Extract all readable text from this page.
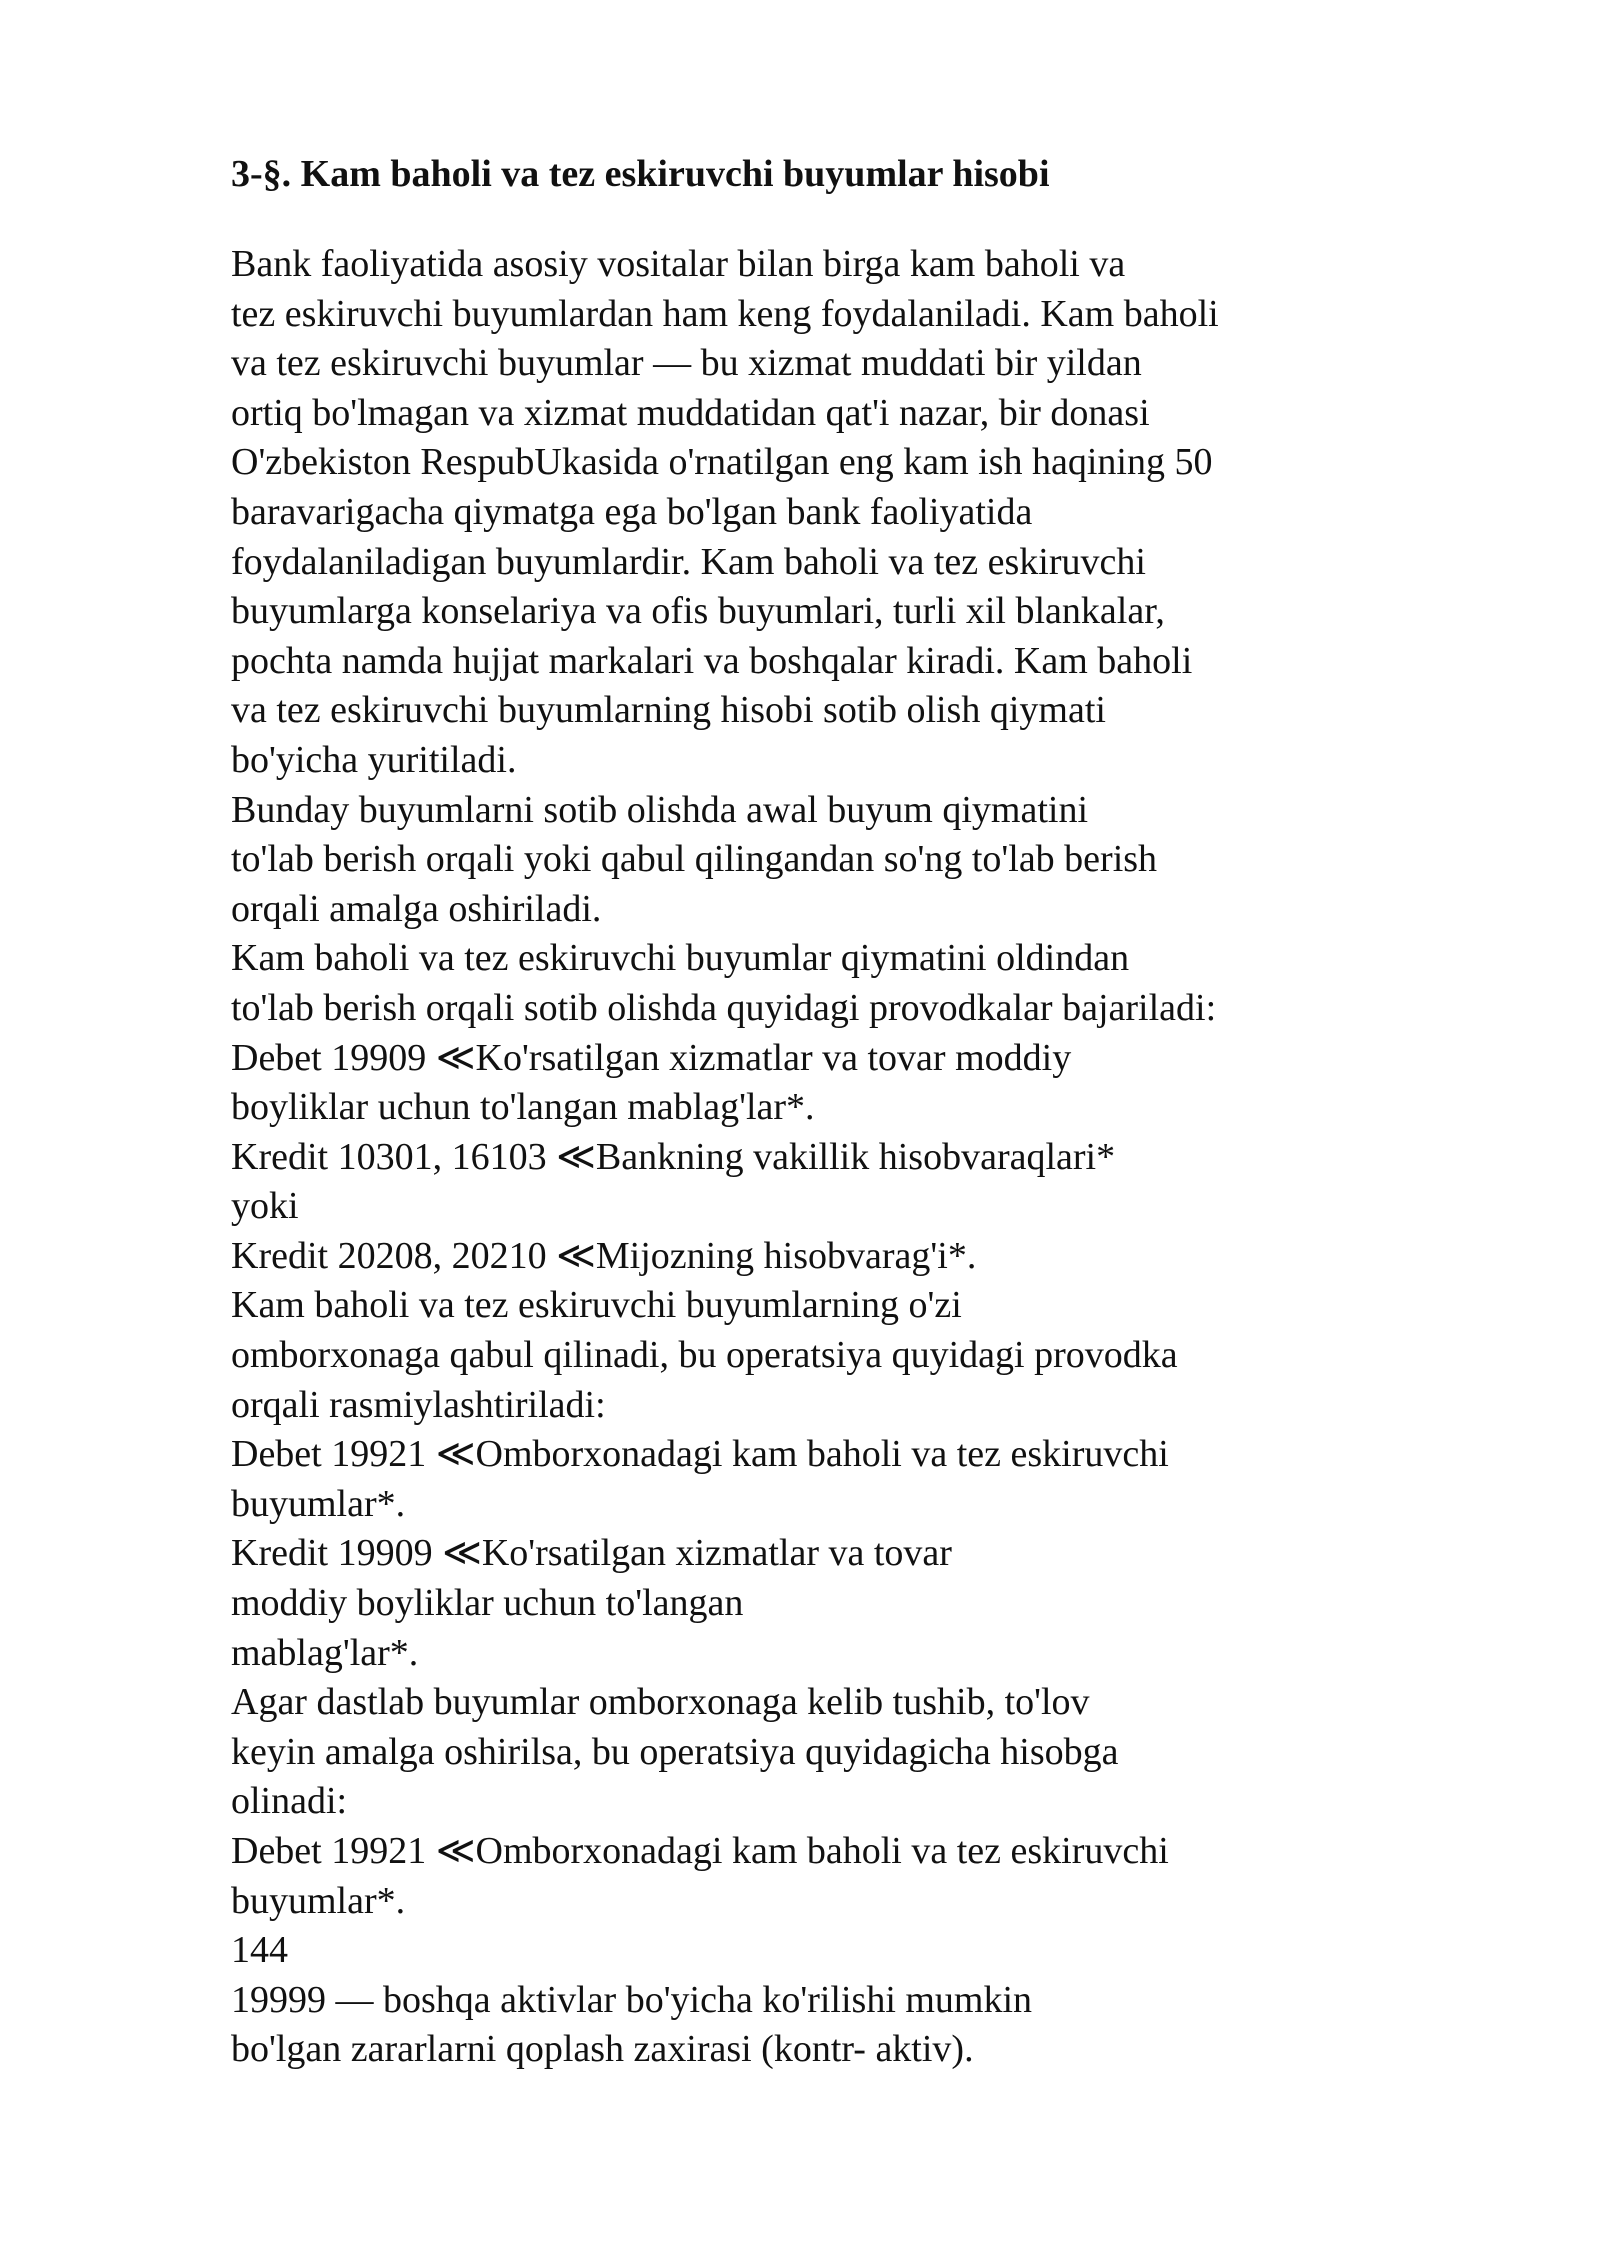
3-§. Kam baholi va tez eskiruvchi buyumlar hisobi

Bank faoliyatida asosiy vositalar bilan birga kam baholi va

tez eskiruvchi buyumlardan ham keng foydalaniladi. Kam baholi

va tez eskiruvchi buyumlar — bu xizmat muddati bir yildan

ortiq bo'lmagan va xizmat muddatidan qat'i nazar, bir donasi

O'zbekiston RespubUkasida o'rnatilgan eng kam ish haqining 50

baravarigacha qiymatga ega bo'lgan bank faoliyatida

foydalaniladigan buyumlardir. Kam baholi va tez eskiruvchi

buyumlarga konselariya va ofis buyumlari, turli xil blankalar,

pochta namda hujjat markalari va boshqalar kiradi. Kam baholi

va tez eskiruvchi buyumlarning hisobi sotib olish qiymati

bo'yicha yuritiladi.

Bunday buyumlarni sotib olishda awal buyum qiymatini

to'lab berish orqali yoki qabul qilingandan so'ng to'lab berish

orqali amalga oshiriladi.

Kam baholi va tez eskiruvchi buyumlar qiymatini oldindan

to'lab berish orqali sotib olishda quyidagi provodkalar bajariladi:

Debet 19909 ≪Ko'rsatilgan xizmatlar va tovar moddiy

boyliklar uchun to'langan mablag'lar*.

Kredit 10301, 16103 ≪Bankning vakillik hisobvaraqlari*

yoki

Kredit 20208, 20210 ≪Mijozning hisobvarag'i*.

Kam baholi va tez eskiruvchi buyumlarning o'zi

omborxonaga qabul qilinadi, bu operatsiya quyidagi provodka

orqali rasmiylashtiriladi:

Debet 19921 ≪Omborxonadagi kam baholi va tez eskiruvchi

buyumlar*.

Kredit 19909 ≪Ko'rsatilgan xizmatlar va tovar

moddiy boyliklar uchun to'langan

mablag'lar*.

Agar dastlab buyumlar omborxonaga kelib tushib, to'lov

keyin amalga oshirilsa, bu operatsiya quyidagicha hisobga

olinadi:

Debet 19921 ≪Omborxonadagi kam baholi va tez eskiruvchi

buyumlar*.

144

19999 — boshqa aktivlar bo'yicha ko'rilishi mumkin

bo'lgan zararlarni qoplash zaxirasi (kontr- aktiv).
